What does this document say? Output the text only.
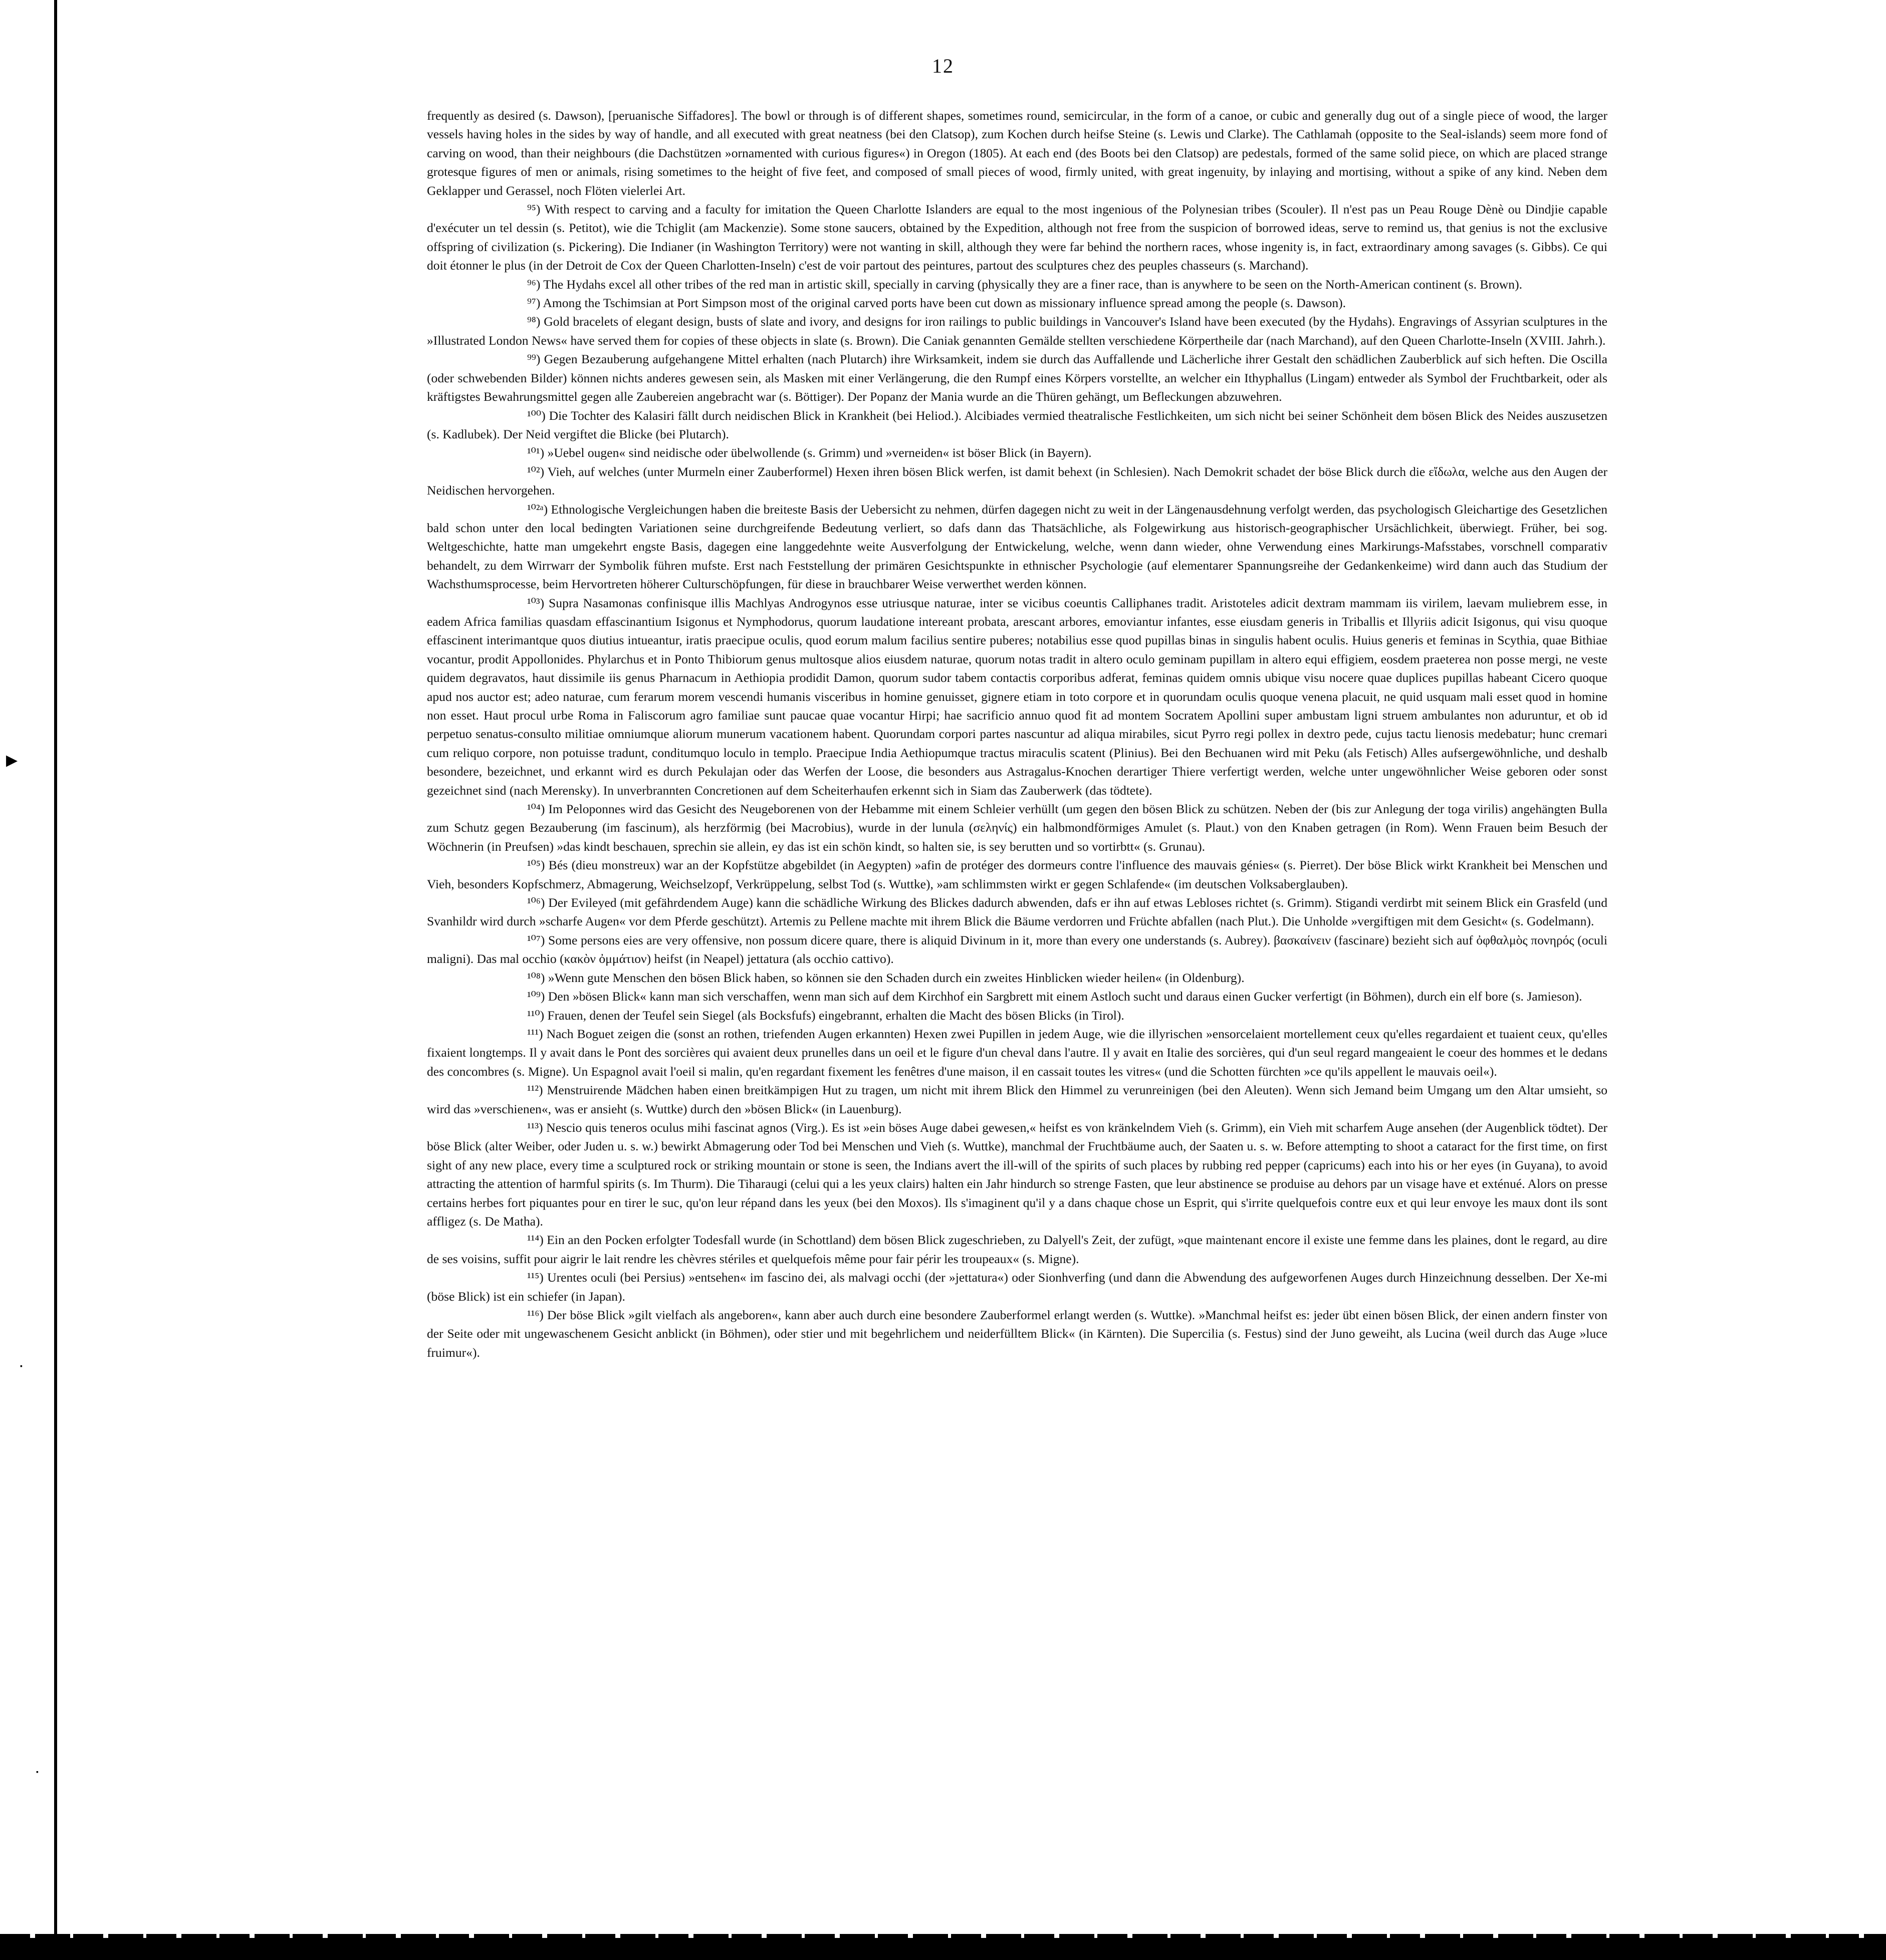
▶
▪
▪
12

frequently as desired (s. Dawson), [peruanische Siffadores]. The bowl or through is of different shapes, sometimes round, semicircular, in the form of a canoe, or cubic and generally dug out of a single piece of wood, the larger vessels having holes in the sides by way of handle, and all executed with great neatness (bei den Clatsop), zum Kochen durch heifse Steine (s. Lewis und Clarke). The Cathlamah (opposite to the Seal-islands) seem more fond of carving on wood, than their neighbours (die Dachstützen »ornamented with curious figures«) in Oregon (1805). At each end (des Boots bei den Clatsop) are pedestals, formed of the same solid piece, on which are placed strange grotesque figures of men or animals, rising sometimes to the height of five feet, and composed of small pieces of wood, firmly united, with great ingenuity, by inlaying and mortising, without a spike of any kind. Neben dem Geklapper und Gerassel, noch Flöten vielerlei Art.

⁹⁵) With respect to carving and a faculty for imitation the Queen Charlotte Islanders are equal to the most ingenious of the Polynesian tribes (Scouler). Il n'est pas un Peau Rouge Dènè ou Dindjie capable d'exécuter un tel dessin (s. Petitot), wie die Tchiglit (am Mackenzie). Some stone saucers, obtained by the Expedition, although not free from the suspicion of borrowed ideas, serve to remind us, that genius is not the exclusive offspring of civilization (s. Pickering). Die Indianer (in Washington Territory) were not wanting in skill, although they were far behind the northern races, whose ingenity is, in fact, extraordinary among savages (s. Gibbs). Ce qui doit étonner le plus (in der Detroit de Cox der Queen Charlotten-Inseln) c'est de voir partout des peintures, partout des sculptures chez des peuples chasseurs (s. Marchand).

⁹⁶) The Hydahs excel all other tribes of the red man in artistic skill, specially in carving (physically they are a finer race, than is anywhere to be seen on the North-American continent (s. Brown).

⁹⁷) Among the Tschimsian at Port Simpson most of the original carved ports have been cut down as missionary influence spread among the people (s. Dawson).

⁹⁸) Gold bracelets of elegant design, busts of slate and ivory, and designs for iron railings to public buildings in Vancouver's Island have been executed (by the Hydahs). Engravings of Assyrian sculptures in the »Illustrated London News« have served them for copies of these objects in slate (s. Brown). Die Caniak genannten Gemälde stellten verschiedene Körpertheile dar (nach Marchand), auf den Queen Charlotte-Inseln (XVIII. Jahrh.).

⁹⁹) Gegen Bezauberung aufgehangene Mittel erhalten (nach Plutarch) ihre Wirksamkeit, indem sie durch das Auffallende und Lächerliche ihrer Gestalt den schädlichen Zauberblick auf sich heften. Die Oscilla (oder schwebenden Bilder) können nichts anderes gewesen sein, als Masken mit einer Verlängerung, die den Rumpf eines Körpers vorstellte, an welcher ein Ithyphallus (Lingam) entweder als Symbol der Fruchtbarkeit, oder als kräftigstes Bewahrungsmittel gegen alle Zaubereien angebracht war (s. Böttiger). Der Popanz der Mania wurde an die Thüren gehängt, um Befleckungen abzuwehren.

¹⁰⁰) Die Tochter des Kalasiri fällt durch neidischen Blick in Krankheit (bei Heliod.). Alcibiades vermied theatralische Festlichkeiten, um sich nicht bei seiner Schönheit dem bösen Blick des Neides auszusetzen (s. Kadlubek). Der Neid vergiftet die Blicke (bei Plutarch).

¹⁰¹) »Uebel ougen« sind neidische oder übelwollende (s. Grimm) und »verneiden« ist böser Blick (in Bayern).

¹⁰²) Vieh, auf welches (unter Murmeln einer Zauberformel) Hexen ihren bösen Blick werfen, ist damit behext (in Schlesien). Nach Demokrit schadet der böse Blick durch die εἴδωλα, welche aus den Augen der Neidischen hervorgehen.

¹⁰²ᵃ) Ethnologische Vergleichungen haben die breiteste Basis der Uebersicht zu nehmen, dürfen dagegen nicht zu weit in der Längenausdehnung verfolgt werden, das psychologisch Gleichartige des Gesetzlichen bald schon unter den local bedingten Variationen seine durchgreifende Bedeutung verliert, so dafs dann das Thatsächliche, als Folgewirkung aus historisch-geographischer Ursächlichkeit, überwiegt. Früher, bei sog. Weltgeschichte, hatte man umgekehrt engste Basis, dagegen eine langgedehnte weite Ausverfolgung der Entwickelung, welche, wenn dann wieder, ohne Verwendung eines Markirungs-Mafsstabes, vorschnell comparativ behandelt, zu dem Wirrwarr der Symbolik führen mufste. Erst nach Feststellung der primären Gesichtspunkte in ethnischer Psychologie (auf elementarer Spannungsreihe der Gedankenkeime) wird dann auch das Studium der Wachsthumsprocesse, beim Hervortreten höherer Culturschöpfungen, für diese in brauchbarer Weise verwerthet werden können.

¹⁰³) Supra Nasamonas confinisque illis Machlyas Androgynos esse utriusque naturae, inter se vicibus coeuntis Calliphanes tradit. Aristoteles adicit dextram mammam iis virilem, laevam muliebrem esse, in eadem Africa familias quasdam effascinantium Isigonus et Nymphodorus, quorum laudatione intereant probata, arescant arbores, emoviantur infantes, esse eiusdam generis in Triballis et Illyriis adicit Isigonus, qui visu quoque effascinent interimantque quos diutius intueantur, iratis praecipue oculis, quod eorum malum facilius sentire puberes; notabilius esse quod pupillas binas in singulis habent oculis. Huius generis et feminas in Scythia, quae Bithiae vocantur, prodit Appollonides. Phylarchus et in Ponto Thibiorum genus multosque alios eiusdem naturae, quorum notas tradit in altero oculo geminam pupillam in altero equi effigiem, eosdem praeterea non posse mergi, ne veste quidem degravatos, haut dissimile iis genus Pharnacum in Aethiopia prodidit Damon, quorum sudor tabem contactis corporibus adferat, feminas quidem omnis ubique visu nocere quae duplices pupillas habeant Cicero quoque apud nos auctor est; adeo naturae, cum ferarum morem vescendi humanis visceribus in homine genuisset, gignere etiam in toto corpore et in quorundam oculis quoque venena placuit, ne quid usquam mali esset quod in homine non esset. Haut procul urbe Roma in Faliscorum agro familiae sunt paucae quae vocantur Hirpi; hae sacrificio annuo quod fit ad montem Socratem Apollini super ambustam ligni struem ambulantes non aduruntur, et ob id perpetuo senatus-consulto militiae omniumque aliorum munerum vacationem habent. Quorundam corpori partes nascuntur ad aliqua mirabiles, sicut Pyrro regi pollex in dextro pede, cujus tactu lienosis medebatur; hunc cremari cum reliquo corpore, non potuisse tradunt, conditumquo loculo in templo. Praecipue India Aethiopumque tractus miraculis scatent (Plinius). Bei den Bechuanen wird mit Peku (als Fetisch) Alles aufsergewöhnliche, und deshalb besondere, bezeichnet, und erkannt wird es durch Pekulajan oder das Werfen der Loose, die besonders aus Astragalus-Knochen derartiger Thiere verfertigt werden, welche unter ungewöhnlicher Weise geboren oder sonst gezeichnet sind (nach Merensky). In unverbrannten Concretionen auf dem Scheiterhaufen erkennt sich in Siam das Zauberwerk (das tödtete).

¹⁰⁴) Im Peloponnes wird das Gesicht des Neugeborenen von der Hebamme mit einem Schleier verhüllt (um gegen den bösen Blick zu schützen. Neben der (bis zur Anlegung der toga virilis) angehängten Bulla zum Schutz gegen Bezauberung (im fascinum), als herzförmig (bei Macrobius), wurde in der lunula (σεληνίς) ein halbmondförmiges Amulet (s. Plaut.) von den Knaben getragen (in Rom). Wenn Frauen beim Besuch der Wöchnerin (in Preufsen) »das kindt beschauen, sprechin sie allein, ey das ist ein schön kindt, so halten sie, is sey berutten und so vortirbtt« (s. Grunau).

¹⁰⁵) Bés (dieu monstreux) war an der Kopfstütze abgebildet (in Aegypten) »afin de protéger des dormeurs contre l'influence des mauvais génies« (s. Pierret). Der böse Blick wirkt Krankheit bei Menschen und Vieh, besonders Kopfschmerz, Abmagerung, Weichselzopf, Verkrüppelung, selbst Tod (s. Wuttke), »am schlimmsten wirkt er gegen Schlafende« (im deutschen Volksaberglauben).

¹⁰⁶) Der Evileyed (mit gefährdendem Auge) kann die schädliche Wirkung des Blickes dadurch abwenden, dafs er ihn auf etwas Lebloses richtet (s. Grimm). Stigandi verdirbt mit seinem Blick ein Grasfeld (und Svanhildr wird durch »scharfe Augen« vor dem Pferde geschützt). Artemis zu Pellene machte mit ihrem Blick die Bäume verdorren und Früchte abfallen (nach Plut.). Die Unholde »vergiftigen mit dem Gesicht« (s. Godelmann).

¹⁰⁷) Some persons eies are very offensive, non possum dicere quare, there is aliquid Divinum in it, more than every one understands (s. Aubrey). βασκαίνειν (fascinare) bezieht sich auf ὀφθαλμὸς πονηρός (oculi maligni). Das mal occhio (κακὸν ὀμμάτιον) heifst (in Neapel) jettatura (als occhio cattivo).

¹⁰⁸) »Wenn gute Menschen den bösen Blick haben, so können sie den Schaden durch ein zweites Hinblicken wieder heilen« (in Oldenburg).

¹⁰⁹) Den »bösen Blick« kann man sich verschaffen, wenn man sich auf dem Kirchhof ein Sargbrett mit einem Astloch sucht und daraus einen Gucker verfertigt (in Böhmen), durch ein elf bore (s. Jamieson).

¹¹⁰) Frauen, denen der Teufel sein Siegel (als Bocksfufs) eingebrannt, erhalten die Macht des bösen Blicks (in Tirol).

¹¹¹) Nach Boguet zeigen die (sonst an rothen, triefenden Augen erkannten) Hexen zwei Pupillen in jedem Auge, wie die illyrischen »ensorcelaient mortellement ceux qu'elles regardaient et tuaient ceux, qu'elles fixaient longtemps. Il y avait dans le Pont des sorcières qui avaient deux prunelles dans un oeil et le figure d'un cheval dans l'autre. Il y avait en Italie des sorcières, qui d'un seul regard mangeaient le coeur des hommes et le dedans des concombres (s. Migne). Un Espagnol avait l'oeil si malin, qu'en regardant fixement les fenêtres d'une maison, il en cassait toutes les vitres« (und die Schotten fürchten »ce qu'ils appellent le mauvais oeil«).

¹¹²) Menstruirende Mädchen haben einen breitkämpigen Hut zu tragen, um nicht mit ihrem Blick den Himmel zu verunreinigen (bei den Aleuten). Wenn sich Jemand beim Umgang um den Altar umsieht, so wird das »verschienen«, was er ansieht (s. Wuttke) durch den »bösen Blick« (in Lauenburg).

¹¹³) Nescio quis teneros oculus mihi fascinat agnos (Virg.). Es ist »ein böses Auge dabei gewesen,« heifst es von kränkelndem Vieh (s. Grimm), ein Vieh mit scharfem Auge ansehen (der Augenblick tödtet). Der böse Blick (alter Weiber, oder Juden u. s. w.) bewirkt Abmagerung oder Tod bei Menschen und Vieh (s. Wuttke), manchmal der Fruchtbäume auch, der Saaten u. s. w. Before attempting to shoot a cataract for the first time, on first sight of any new place, every time a sculptured rock or striking mountain or stone is seen, the Indians avert the ill-will of the spirits of such places by rubbing red pepper (capricums) each into his or her eyes (in Guyana), to avoid attracting the attention of harmful spirits (s. Im Thurm). Die Tiharaugi (celui qui a les yeux clairs) halten ein Jahr hindurch so strenge Fasten, que leur abstinence se produise au dehors par un visage have et exténué. Alors on presse certains herbes fort piquantes pour en tirer le suc, qu'on leur répand dans les yeux (bei den Moxos). Ils s'imaginent qu'il y a dans chaque chose un Esprit, qui s'irrite quelquefois contre eux et qui leur envoye les maux dont ils sont affligez (s. De Matha).

¹¹⁴) Ein an den Pocken erfolgter Todesfall wurde (in Schottland) dem bösen Blick zugeschrieben, zu Dalyell's Zeit, der zufügt, »que maintenant encore il existe une femme dans les plaines, dont le regard, au dire de ses voisins, suffit pour aigrir le lait rendre les chèvres stériles et quelquefois même pour fair périr les troupeaux« (s. Migne).

¹¹⁵) Urentes oculi (bei Persius) »entsehen« im fascino dei, als malvagi occhi (der »jettatura«) oder Sionhverfing (und dann die Abwendung des aufgeworfenen Auges durch Hinzeichnung desselben. Der Xe-mi (böse Blick) ist ein schiefer (in Japan).

¹¹⁶) Der böse Blick »gilt vielfach als angeboren«, kann aber auch durch eine besondere Zauberformel erlangt werden (s. Wuttke). »Manchmal heifst es: jeder übt einen bösen Blick, der einen andern finster von der Seite oder mit ungewaschenem Gesicht anblickt (in Böhmen), oder stier und mit begehrlichem und neiderfülltem Blick« (in Kärnten). Die Supercilia (s. Festus) sind der Juno geweiht, als Lucina (weil durch das Auge »luce fruimur«).
